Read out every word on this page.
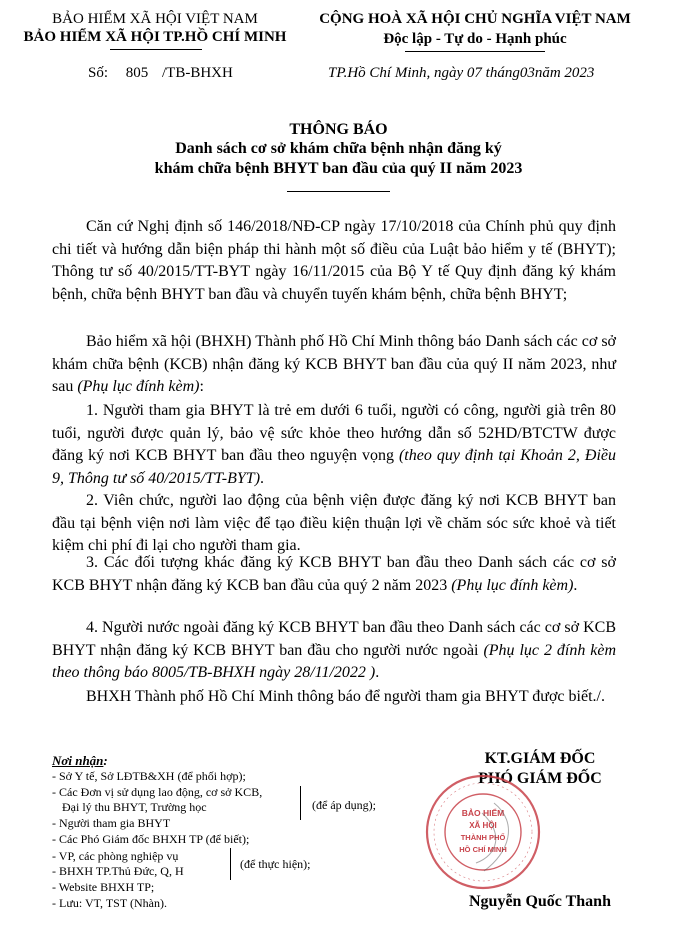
BẢO HIỂM XÃ HỘI VIỆT NAM
BẢO HIỂM XÃ HỘI TP.HỒ CHÍ MINH
CỘNG HOÀ XÃ HỘI CHỦ NGHĨA VIỆT NAM
Độc lập - Tự do - Hạnh phúc
Số: 805 /TB-BHXH	TP.Hồ Chí Minh, ngày 07 tháng03năm 2023
THÔNG BÁO
Danh sách cơ sở khám chữa bệnh nhận đăng ký
khám chữa bệnh BHYT ban đầu của quý II năm 2023
Căn cứ Nghị định số 146/2018/NĐ-CP ngày 17/10/2018 của Chính phủ quy định chi tiết và hướng dẫn biện pháp thi hành một số điều của Luật bảo hiểm y tế (BHYT); Thông tư số 40/2015/TT-BYT ngày 16/11/2015 của Bộ Y tế Quy định đăng ký khám bệnh, chữa bệnh BHYT ban đầu và chuyển tuyến khám bệnh, chữa bệnh BHYT;
Bảo hiểm xã hội (BHXH) Thành phố Hồ Chí Minh thông báo Danh sách các cơ sở khám chữa bệnh (KCB) nhận đăng ký KCB BHYT ban đầu của quý II năm 2023, như sau (Phụ lục đính kèm):
1. Người tham gia BHYT là trẻ em dưới 6 tuổi, người có công, người già trên 80 tuổi, người được quản lý, bảo vệ sức khỏe theo hướng dẫn số 52HD/BTCTW được đăng ký nơi KCB BHYT ban đầu theo nguyện vọng (theo quy định tại Khoản 2, Điều 9, Thông tư số 40/2015/TT-BYT).
2. Viên chức, người lao động của bệnh viện được đăng ký nơi KCB BHYT ban đầu tại bệnh viện nơi làm việc để tạo điều kiện thuận lợi về chăm sóc sức khoẻ và tiết kiệm chi phí đi lại cho người tham gia.
3. Các đối tượng khác đăng ký KCB BHYT ban đầu theo Danh sách các cơ sở KCB BHYT nhận đăng ký KCB ban đầu của quý 2 năm 2023 (Phụ lục đính kèm).
4. Người nước ngoài đăng ký KCB BHYT ban đầu theo Danh sách các cơ sở KCB BHYT nhận đăng ký KCB BHYT ban đầu cho người nước ngoài (Phụ lục 2 đính kèm theo thông báo 8005/TB-BHXH ngày 28/11/2022 ).
BHXH Thành phố Hồ Chí Minh thông báo để người tham gia BHYT được biết./.
Nơi nhận:
- Sở Y tế, Sở LĐTB&XH (để phối hợp);
- Các Đơn vị sử dụng lao động, cơ sở KCB,
Đại lý thu BHYT, Trường học	(để áp dụng);
- Người tham gia BHYT
- Các Phó Giám đốc BHXH TP (để biết);
- VP, các phòng nghiệp vụ
- BHXH TP.Thủ Đức, Q, H	(để thực hiện);
- Website BHXH TP;
- Lưu: VT, TST (Nhàn).
KT.GIÁM ĐỐC
PHÓ GIÁM ĐỐC
BẢO HIỂM
XÃ HỘI
THÀNH PHỐ
HỒ CHÍ MINH
Nguyễn Quốc Thanh
